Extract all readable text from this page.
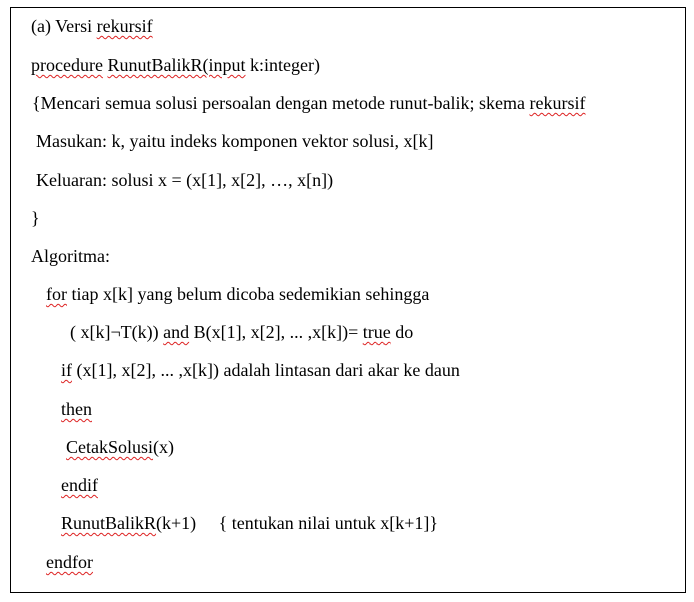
(a) Versi rekursif
procedure RunutBalikR(input k:integer)
{Mencari semua solusi persoalan dengan metode runut-balik; skema rekursif
Masukan: k, yaitu indeks komponen vektor solusi, x[k]
Keluaran: solusi x = (x[1], x[2], …, x[n])
}
Algoritma:
for tiap x[k] yang belum dicoba sedemikian sehingga
( x[k]¬T(k)) and B(x[1], x[2], ... ,x[k])= true do
if (x[1], x[2], ... ,x[k]) adalah lintasan dari akar ke daun
then
CetakSolusi(x)
endif
RunutBalikR(k+1)     { tentukan nilai untuk x[k+1]}
endfor
